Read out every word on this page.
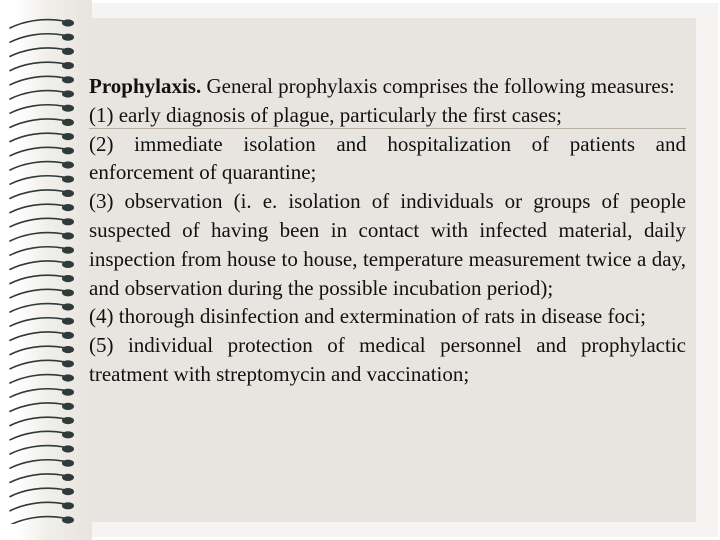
Prophylaxis. General prophylaxis comprises the following measures:

(1) early diagnosis of plague, particularly the first cases;

(2) immediate isolation and hospitalization of patients and enforcement of quarantine;

(3) observation (i. e. isolation of individuals or groups of people suspected of having been in contact with infected material, daily inspection from house to house, temperature measurement twice a day, and observation during the possible incubation period);

(4) thorough disinfection and extermination of rats in disease foci;

(5) individual protection of medical personnel and prophylactic treatment with streptomycin and vaccination;
